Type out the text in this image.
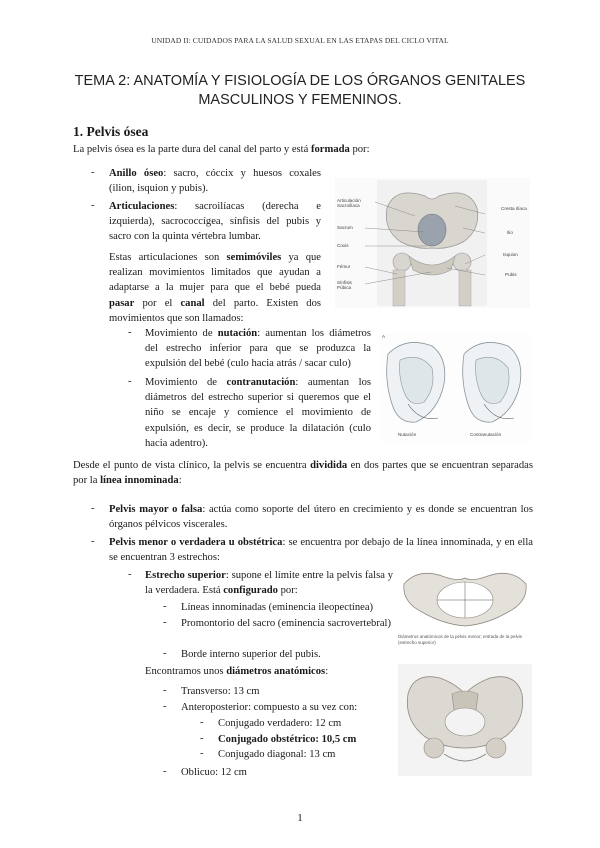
UNIDAD II: CUIDADOS PARA LA SALUD SEXUAL EN LAS ETAPAS DEL CICLO VITAL
TEMA 2: ANATOMÍA Y FISIOLOGÍA DE LOS ÓRGANOS GENITALES MASCULINOS Y FEMENINOS.
1. Pelvis ósea
La pelvis ósea es la parte dura del canal del parto y está formada por:
- Anillo óseo: sacro, cóccix y huesos coxales (ilion, isquion y pubis).
- Articulaciones: sacroilíacas (derecha e izquierda), sacrococcígea, sínfisis del pubis y sacro con la quinta vértebra lumbar.
Estas articulaciones son semimóviles ya que realizan movimientos limitados que ayudan a adaptarse a la mujer para que el bebé pueda pasar por el canal del parto. Existen dos movimientos que son llamados:
Articulación Sacroilíaca
Sacrum
Coxis
Fémur
Sínfisis Púbica
Cresta Ilíaca
Ilio
Isquion
Pubis
- Movimiento de nutación: aumentan los diámetros del estrecho inferior para que se produzca la expulsión del bebé (culo hacia atrás / sacar culo)
- Movimiento de contranutación: aumentan los diámetros del estrecho superior si queremos que el niño se encaje y comience el movimiento de expulsión, es decir, se produce la dilatación (culo hacia adentro).
A
Nutación	Contranutación
Desde el punto de vista clínico, la pelvis se encuentra dividida en dos partes que se encuentran separadas por la línea innominada:
- Pelvis mayor o falsa: actúa como soporte del útero en crecimiento y es donde se encuentran los órganos pélvicos viscerales.
- Pelvis menor o verdadera u obstétrica: se encuentra por debajo de la línea innominada, y en ella se encuentran 3 estrechos:
- Estrecho superior: supone el límite entre la pelvis falsa y la verdadera. Está configurado por:
- Líneas innominadas (eminencia ileopectínea)
- Promontorio del sacro (eminencia sacrovertebral)
- Borde interno superior del pubis.
Encontramos unos diámetros anatómicos:
- Transverso: 13 cm
- Anteroposterior: compuesto a su vez con:
- Conjugado verdadero: 12 cm
- Conjugado obstétrico: 10,5 cm
- Conjugado diagonal: 13 cm
- Oblicuo: 12 cm
Diámetros anatómicos de la pelvis menor; entrada de la pelvis (estrecho superior)
1
